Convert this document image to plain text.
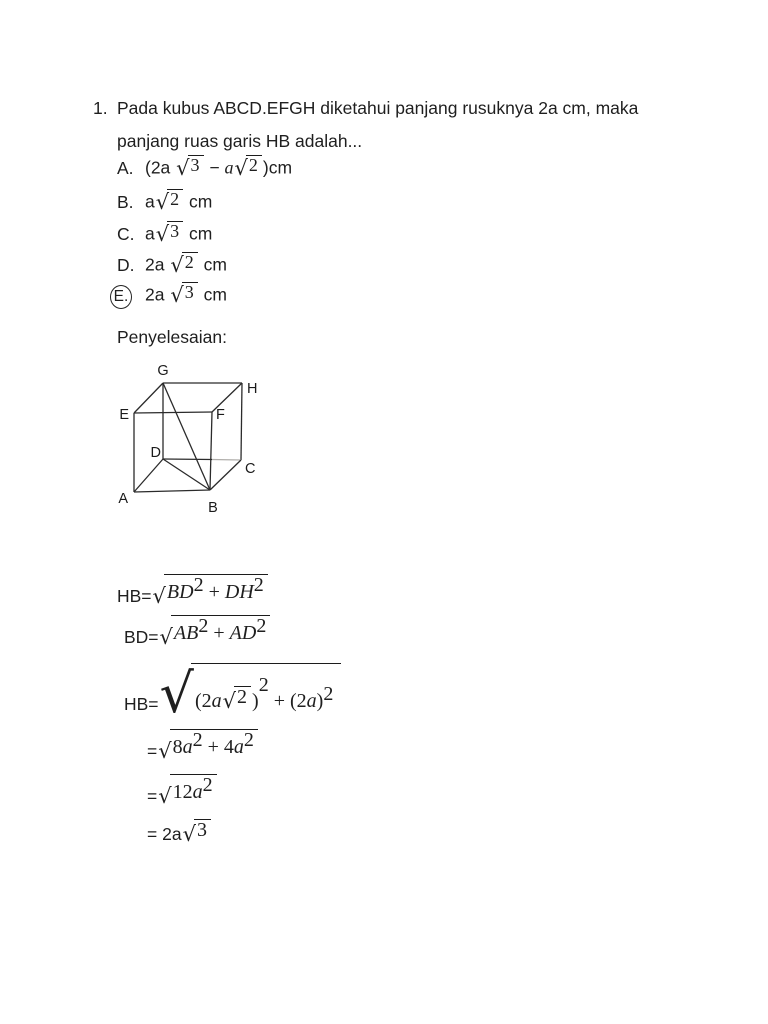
1. Pada kubus ABCD.EFGH diketahui panjang rusuknya 2a cm, maka
panjang ruas garis HB adalah...
A. (2a √ 3 − a √ 2 )cm
B. a √ 2 cm
C. a √ 3 cm
D. 2a √ 2 cm
E. 2a √ 3 cm
Penyelesaian:
G
H
E	F
D
C
A
B
HB= √ BD2 + DH2
BD= √ AB2 + AD2
HB= √ (2a √ 2 )2 + (2a)2
= √ 8a2 + 4a2
= √ 12a2
= 2a √ 3
